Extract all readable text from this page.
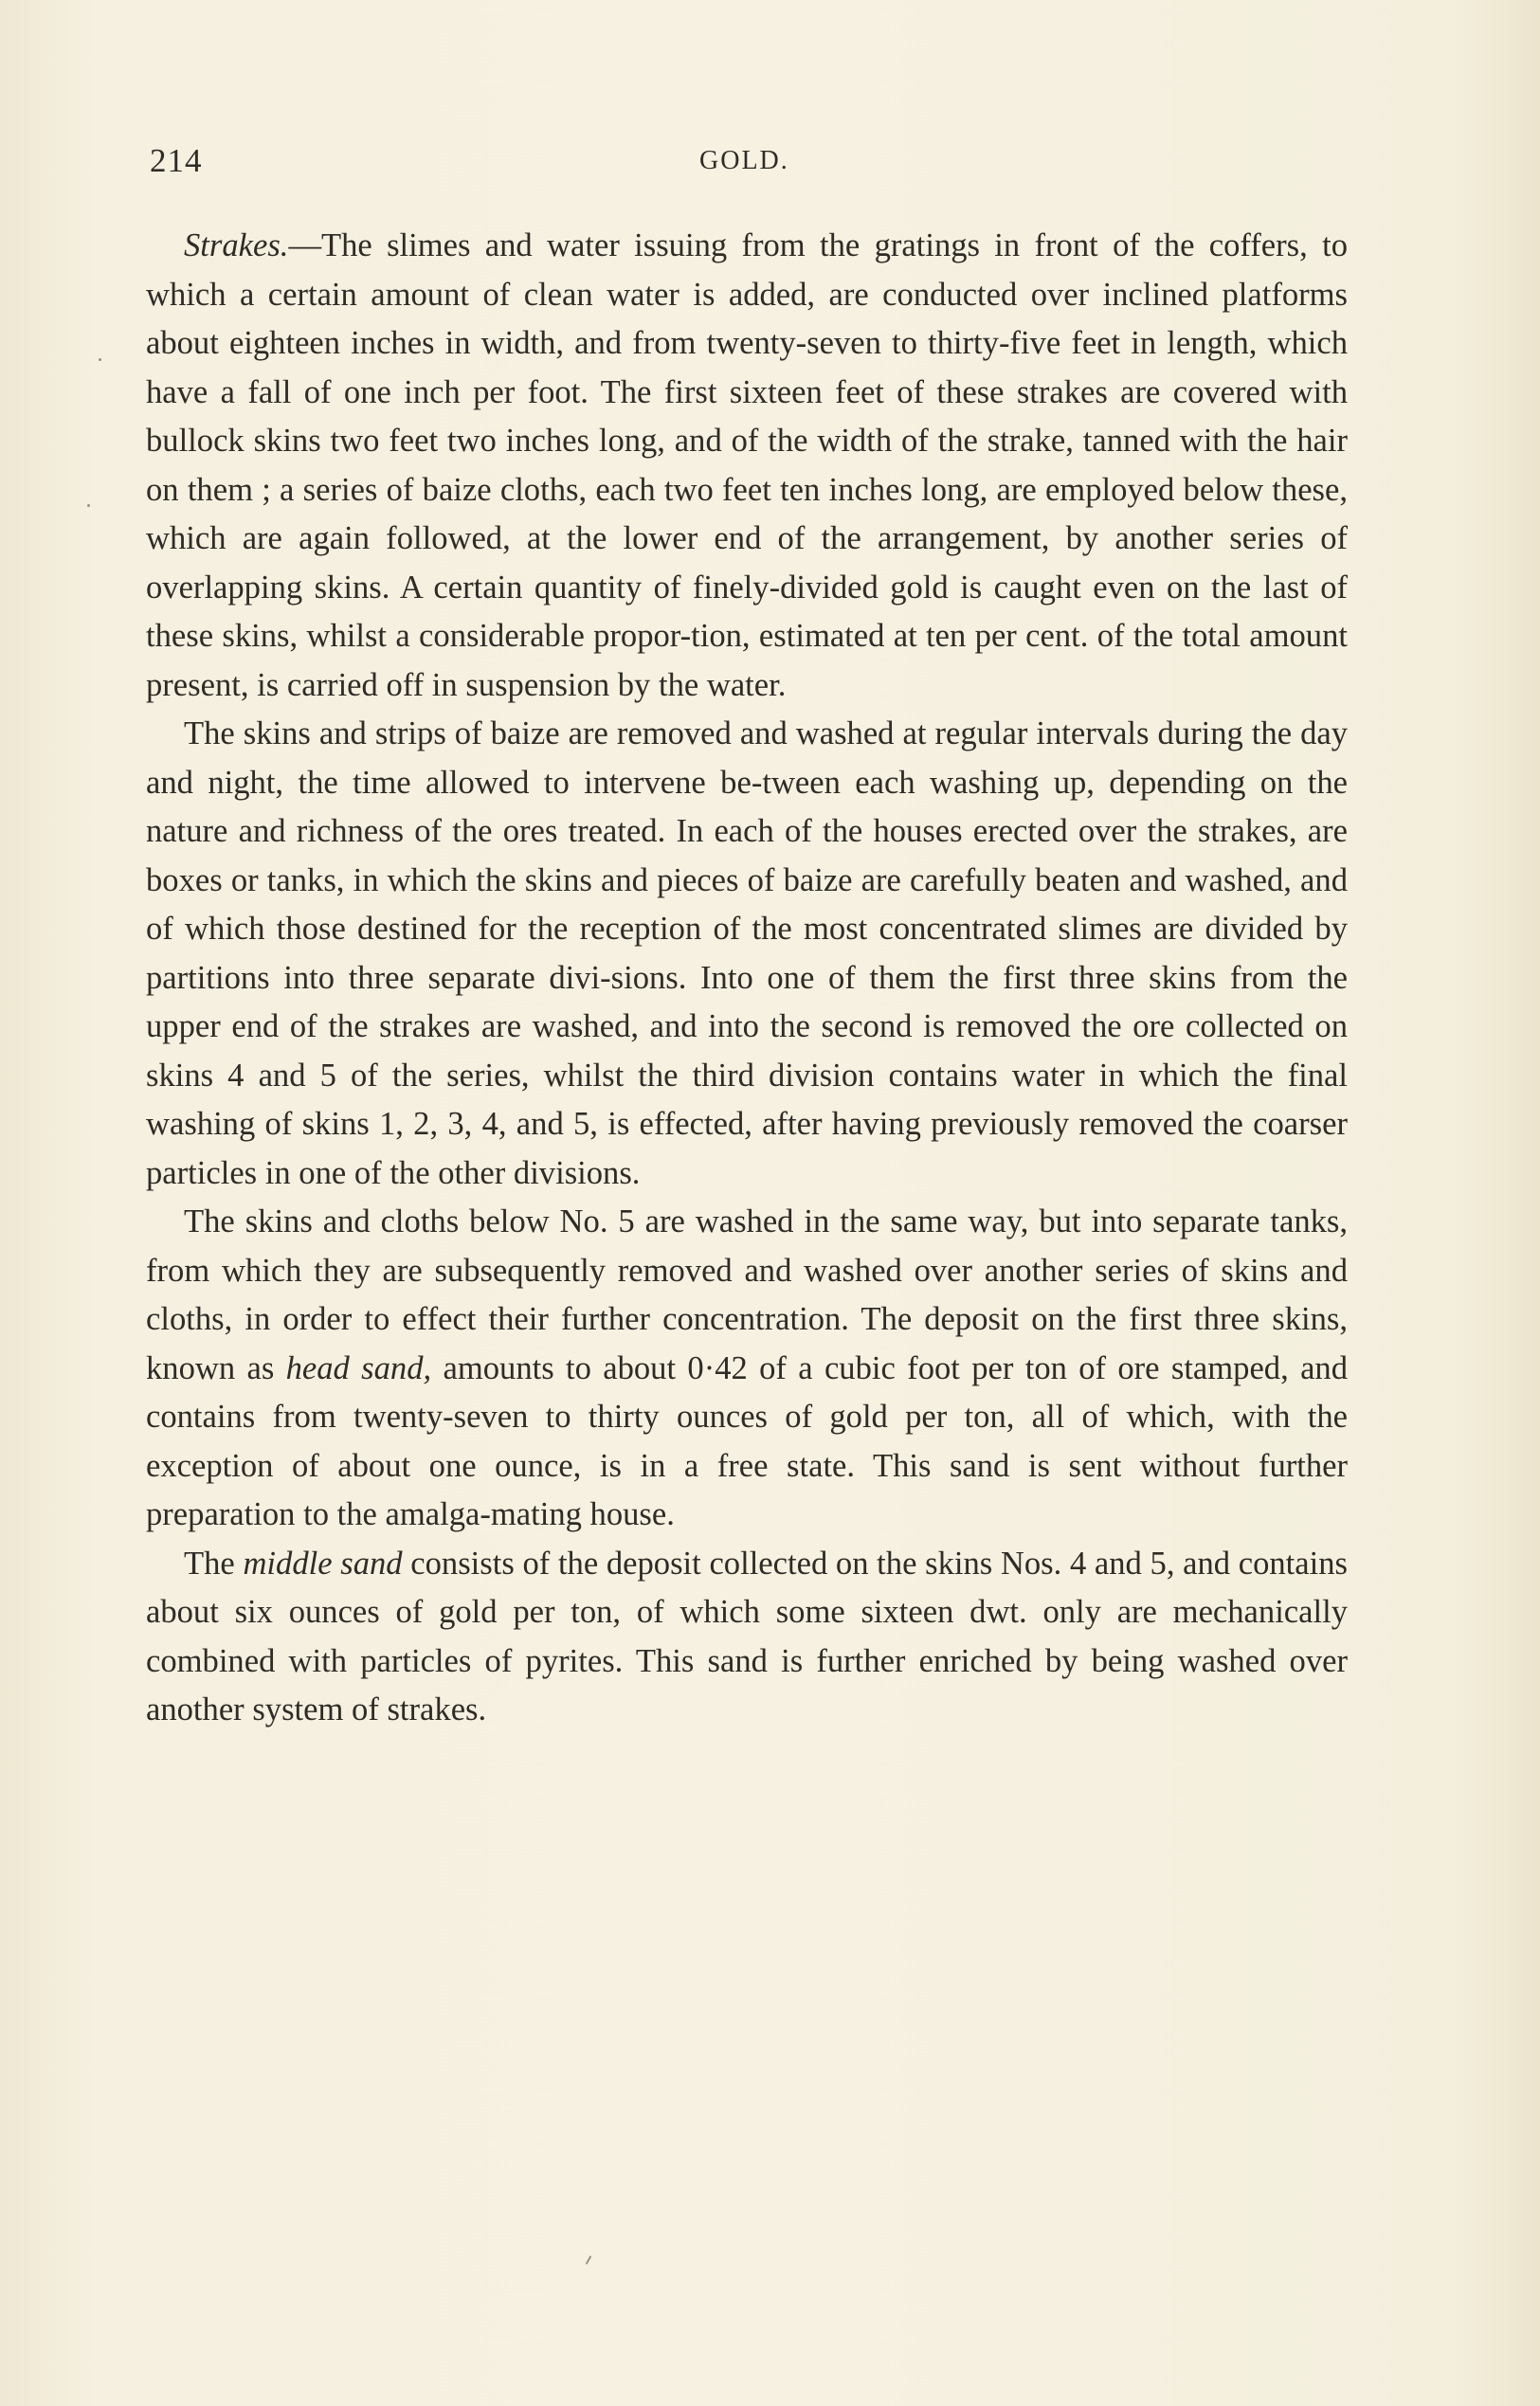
214	GOLD.

Strakes.—The slimes and water issuing from the gratings in front of the coffers, to which a certain amount of clean water is added, are conducted over inclined platforms about eighteen inches in width, and from twenty-seven to thirty-five feet in length, which have a fall of one inch per foot. The first sixteen feet of these strakes are covered with bullock skins two feet two inches long, and of the width of the strake, tanned with the hair on them ; a series of baize cloths, each two feet ten inches long, are employed below these, which are again followed, at the lower end of the arrangement, by another series of overlapping skins. A certain quantity of finely-divided gold is caught even on the last of these skins, whilst a considerable propor-tion, estimated at ten per cent. of the total amount present, is carried off in suspension by the water.

The skins and strips of baize are removed and washed at regular intervals during the day and night, the time allowed to intervene be-tween each washing up, depending on the nature and richness of the ores treated. In each of the houses erected over the strakes, are boxes or tanks, in which the skins and pieces of baize are carefully beaten and washed, and of which those destined for the reception of the most concentrated slimes are divided by partitions into three separate divi-sions. Into one of them the first three skins from the upper end of the strakes are washed, and into the second is removed the ore collected on skins 4 and 5 of the series, whilst the third division contains water in which the final washing of skins 1, 2, 3, 4, and 5, is effected, after having previously removed the coarser particles in one of the other divisions.

The skins and cloths below No. 5 are washed in the same way, but into separate tanks, from which they are subsequently removed and washed over another series of skins and cloths, in order to effect their further concentration. The deposit on the first three skins, known as head sand, amounts to about 0·42 of a cubic foot per ton of ore stamped, and contains from twenty-seven to thirty ounces of gold per ton, all of which, with the exception of about one ounce, is in a free state. This sand is sent without further preparation to the amalga-mating house.

The middle sand consists of the deposit collected on the skins Nos. 4 and 5, and contains about six ounces of gold per ton, of which some sixteen dwt. only are mechanically combined with particles of pyrites. This sand is further enriched by being washed over another system of strakes.
